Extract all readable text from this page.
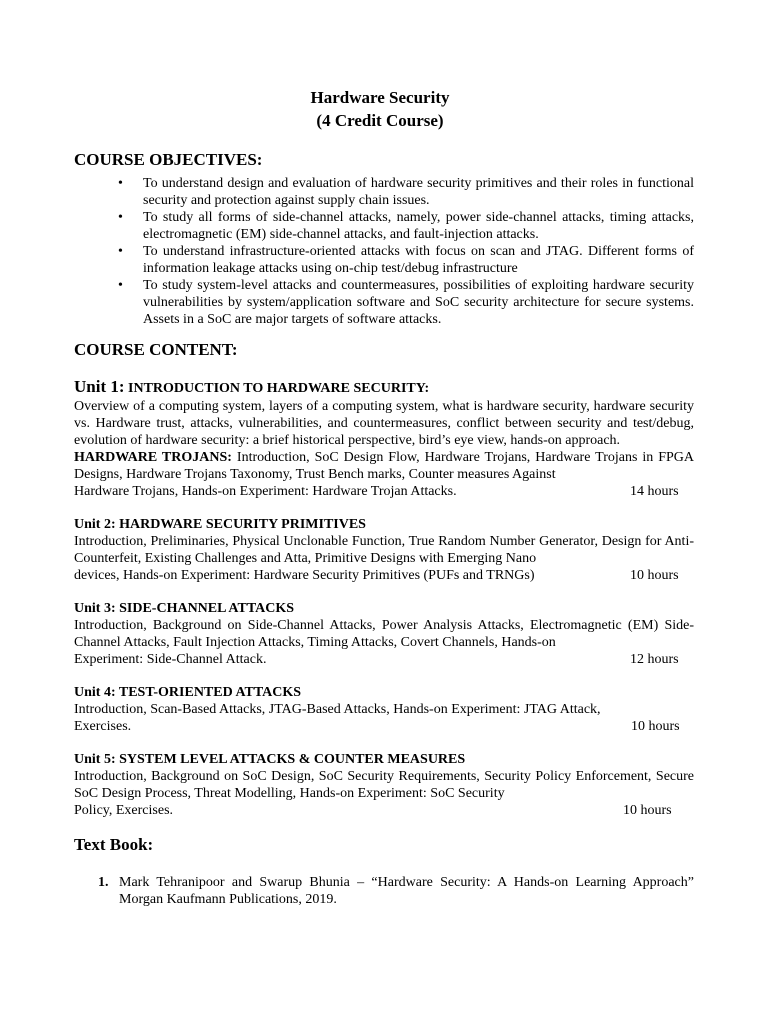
Hardware Security
(4 Credit Course)
COURSE OBJECTIVES:
• To understand design and evaluation of hardware security primitives and their roles in functional security and protection against supply chain issues.
• To study all forms of side-channel attacks, namely, power side-channel attacks, timing attacks, electromagnetic (EM) side-channel attacks, and fault-injection attacks.
• To understand infrastructure-oriented attacks with focus on scan and JTAG. Different forms of information leakage attacks using on-chip test/debug infrastructure
• To study system-level attacks and countermeasures, possibilities of exploiting hardware security vulnerabilities by system/application software and SoC security architecture for secure systems. Assets in a SoC are major targets of software attacks.
COURSE CONTENT:
Unit 1: INTRODUCTION TO HARDWARE SECURITY:

Overview of a computing system, layers of a computing system, what is hardware security, hardware security vs. Hardware trust, attacks, vulnerabilities, and countermeasures, conflict between security and test/debug, evolution of hardware security: a brief historical perspective, bird’s eye view, hands-on approach.

HARDWARE TROJANS: Introduction, SoC Design Flow, Hardware Trojans, Hardware Trojans in FPGA Designs, Hardware Trojans Taxonomy, Trust Bench marks, Counter measures Against

Hardware Trojans, Hands-on Experiment: Hardware Trojan Attacks.	14 hours
Unit 2: HARDWARE SECURITY PRIMITIVES

Introduction, Preliminaries, Physical Unclonable Function, True Random Number Generator, Design for Anti-Counterfeit, Existing Challenges and Atta, Primitive Designs with Emerging Nano

devices, Hands-on Experiment: Hardware Security Primitives (PUFs and TRNGs)	10 hours
Unit 3: SIDE-CHANNEL ATTACKS

Introduction, Background on Side-Channel Attacks, Power Analysis Attacks, Electromagnetic (EM) Side-Channel Attacks, Fault Injection Attacks, Timing Attacks, Covert Channels, Hands-on

Experiment: Side-Channel Attack.	12 hours
Unit 4: TEST-ORIENTED ATTACKS
Introduction, Scan-Based Attacks, JTAG-Based Attacks, Hands-on Experiment: JTAG Attack,
Exercises.	10 hours
Unit 5: SYSTEM LEVEL ATTACKS & COUNTER MEASURES

Introduction, Background on SoC Design, SoC Security Requirements, Security Policy Enforcement, Secure SoC Design Process, Threat Modelling, Hands-on Experiment: SoC Security

Policy, Exercises.	10 hours
Text Book:
1. Mark Tehranipoor and Swarup Bhunia – “Hardware Security: A Hands-on Learning Approach” Morgan Kaufmann Publications, 2019.
